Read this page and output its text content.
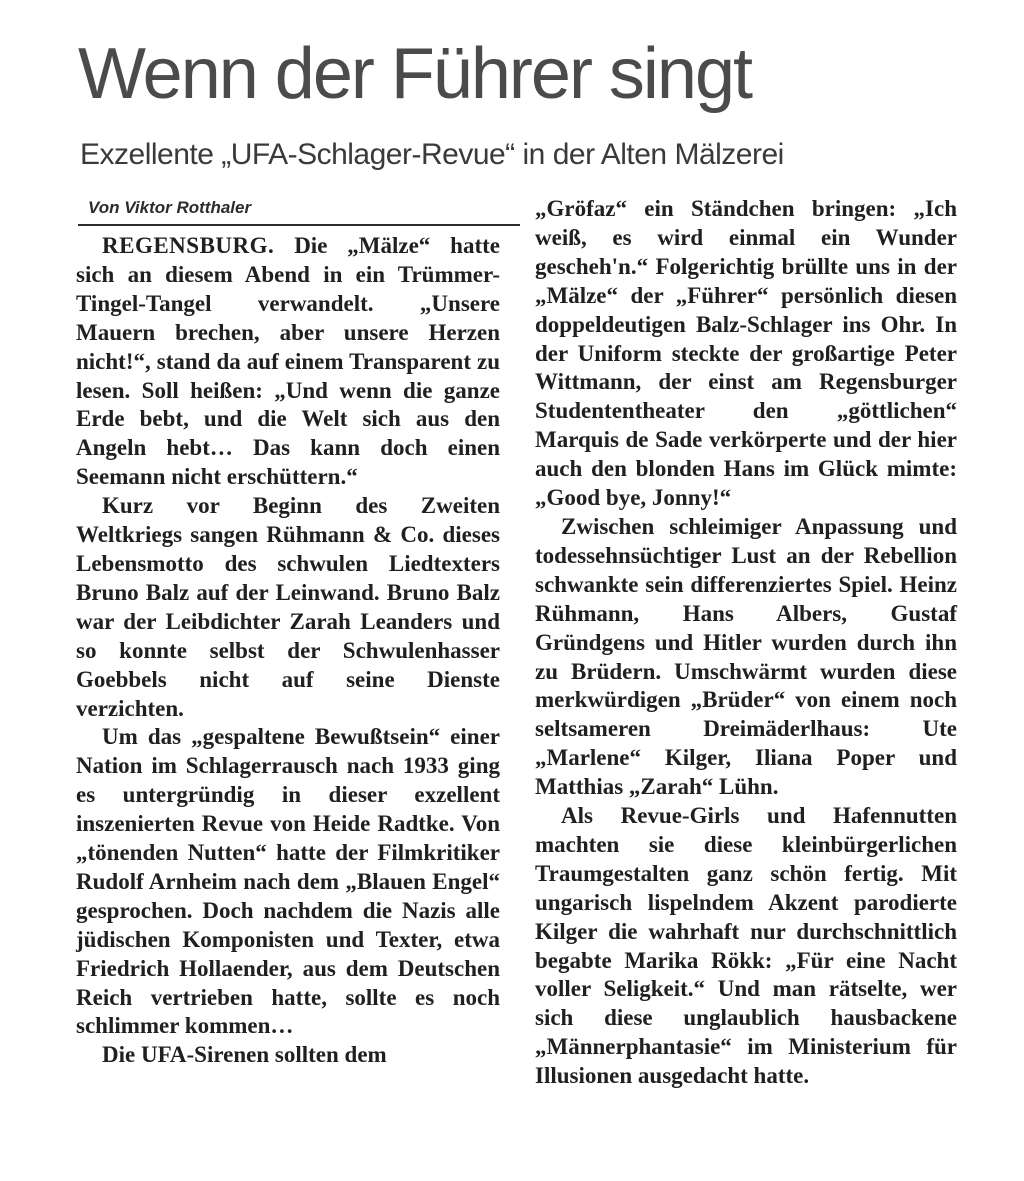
Wenn der Führer singt
Exzellente „UFA-Schlager-Revue“ in der Alten Mälzerei
Von Viktor Rotthaler

REGENSBURG. Die „Mälze“ hatte sich an diesem Abend in ein Trümmer-Tingel-Tangel verwandelt. „Unsere Mauern brechen, aber unsere Herzen nicht!“, stand da auf einem Transparent zu lesen. Soll heißen: „Und wenn die ganze Erde bebt, und die Welt sich aus den Angeln hebt… Das kann doch einen Seemann nicht erschüttern.“

Kurz vor Beginn des Zweiten Weltkriegs sangen Rühmann & Co. dieses Lebensmotto des schwulen Liedtexters Bruno Balz auf der Leinwand. Bruno Balz war der Leibdichter Zarah Leanders und so konnte selbst der Schwulenhasser Goebbels nicht auf seine Dienste verzichten.

Um das „gespaltene Bewußtsein“ einer Nation im Schlagerrausch nach 1933 ging es untergründig in dieser exzellent inszenierten Revue von Heide Radtke. Von „tönenden Nutten“ hatte der Filmkritiker Rudolf Arnheim nach dem „Blauen Engel“ gesprochen. Doch nachdem die Nazis alle jüdischen Komponisten und Texter, etwa Friedrich Hollaender, aus dem Deutschen Reich vertrieben hatte, sollte es noch schlimmer kommen…

Die UFA-Sirenen sollten dem

„Gröfaz“ ein Ständchen bringen: „Ich weiß, es wird einmal ein Wunder gescheh'n.“ Folgerichtig brüllte uns in der „Mälze“ der „Führer“ persönlich diesen doppeldeutigen Balz-Schlager ins Ohr. In der Uniform steckte der großartige Peter Wittmann, der einst am Regensburger Studententheater den „göttlichen“ Marquis de Sade verkörperte und der hier auch den blonden Hans im Glück mimte: „Good bye, Jonny!“

Zwischen schleimiger Anpassung und todessehnsüchtiger Lust an der Rebellion schwankte sein differenziertes Spiel. Heinz Rühmann, Hans Albers, Gustaf Gründgens und Hitler wurden durch ihn zu Brüdern. Umschwärmt wurden diese merkwürdigen „Brüder“ von einem noch seltsameren Dreimäderlhaus: Ute „Marlene“ Kilger, Iliana Poper und Matthias „Zarah“ Lühn.

Als Revue-Girls und Hafennutten machten sie diese kleinbürgerlichen Traumgestalten ganz schön fertig. Mit ungarisch lispelndem Akzent parodierte Kilger die wahrhaft nur durchschnittlich begabte Marika Rökk: „Für eine Nacht voller Seligkeit.“ Und man rätselte, wer sich diese unglaublich hausbackene „Männerphantasie“ im Ministerium für Illusionen ausgedacht hatte.
